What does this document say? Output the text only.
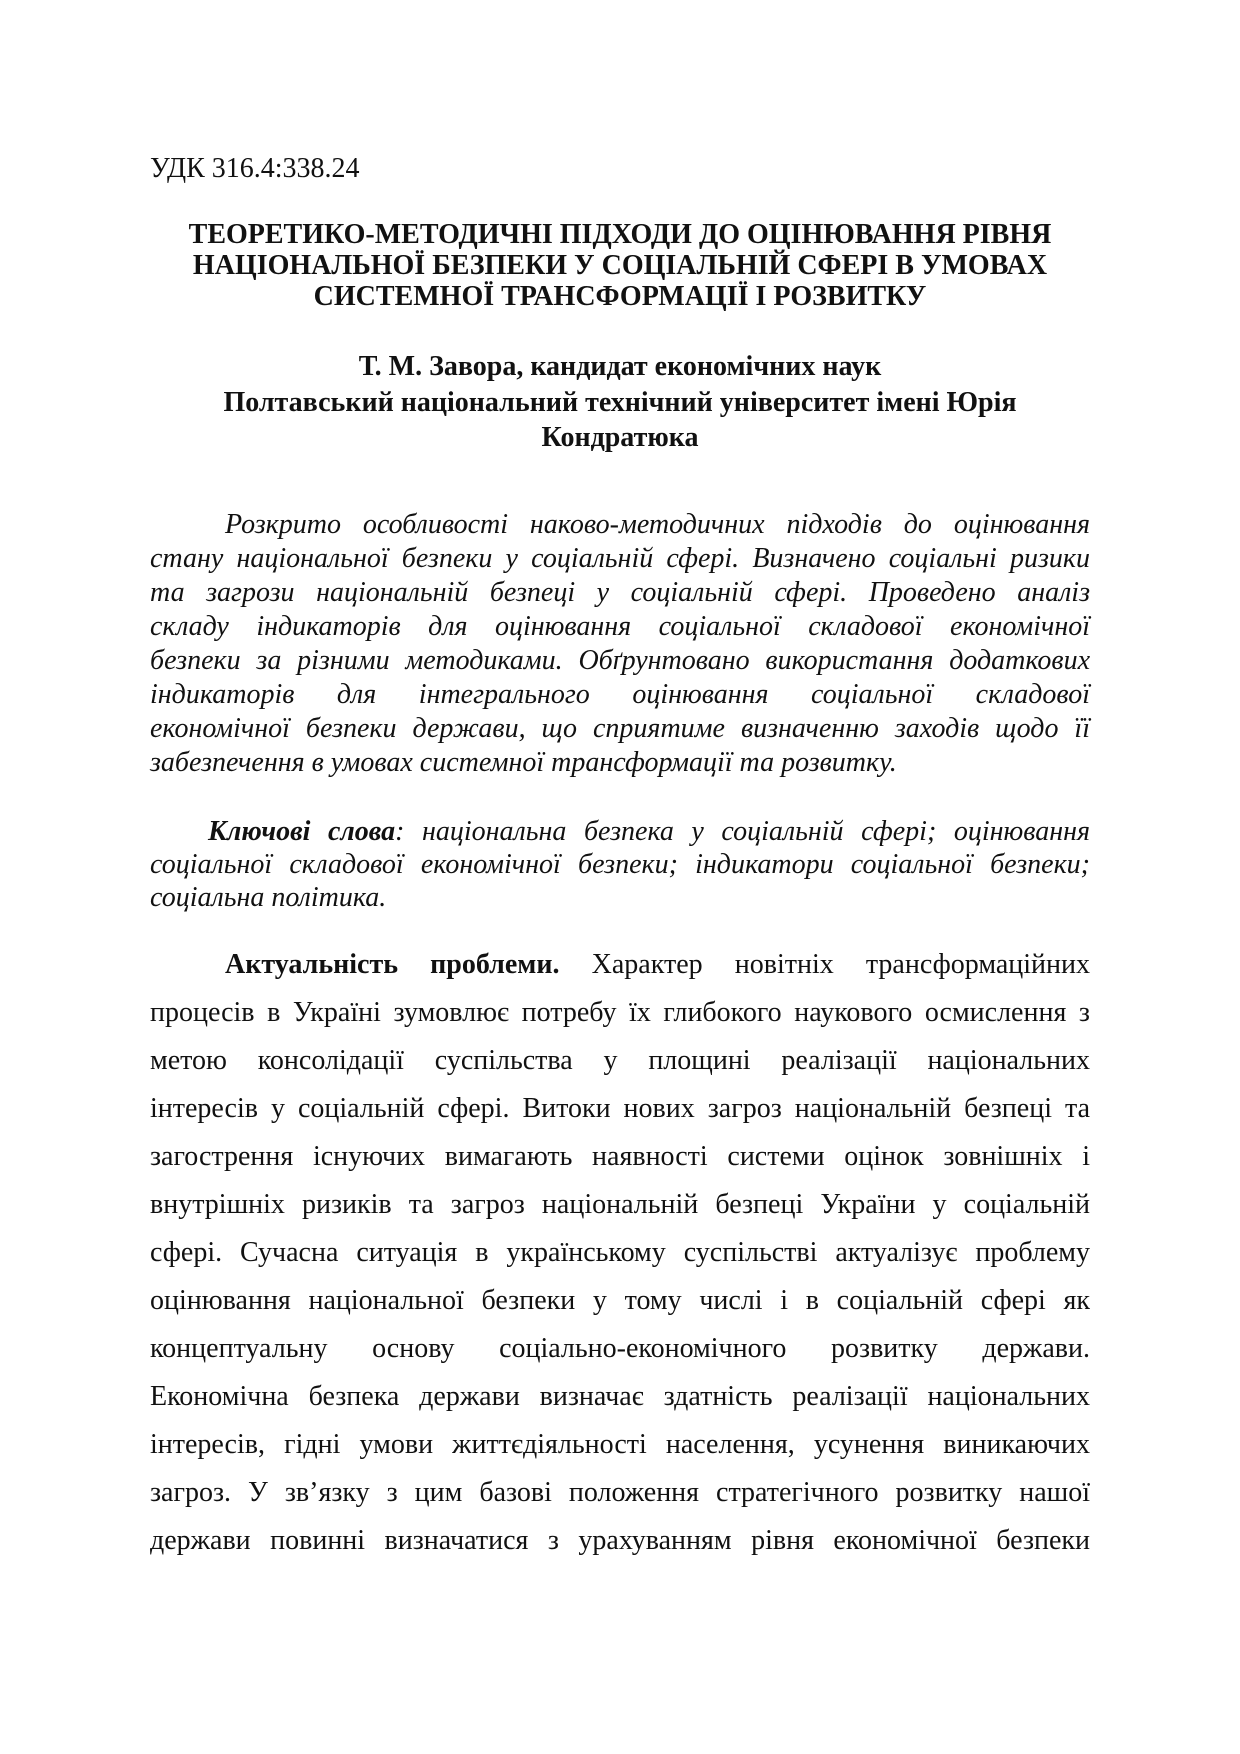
УДК 316.4:338.24
ТЕОРЕТИКО-МЕТОДИЧНІ ПІДХОДИ ДО ОЦІНЮВАННЯ РІВНЯ
НАЦІОНАЛЬНОЇ БЕЗПЕКИ У СОЦІАЛЬНІЙ СФЕРІ В УМОВАХ
СИСТЕМНОЇ ТРАНСФОРМАЦІЇ І РОЗВИТКУ
Т. М. Завора, кандидат економічних наук
Полтавський національний технічний університет імені Юрія
Кондратюка
Розкрито особливості наково-методичних підходів до оцінювання
стану національної безпеки у соціальній сфері. Визначено соціальні ризики
та загрози національній безпеці у соціальній сфері. Проведено аналіз
складу індикаторів для оцінювання соціальної складової економічної
безпеки за різними методиками. Обґрунтовано використання додаткових
індикаторів для інтегрального оцінювання соціальної складової
економічної безпеки держави, що сприятиме визначенню заходів щодо її
забезпечення в умовах системної трансформації та розвитку.
Ключові слова: національна безпека у соціальній сфері; оцінювання
соціальної складової економічної безпеки; індикатори соціальної безпеки;
соціальна політика.
Актуальність проблеми. Характер новітніх трансформаційних
процесів в Україні зумовлює потребу їх глибокого наукового осмислення з
метою консолідації суспільства у площині реалізації національних
інтересів у соціальній сфері. Витоки нових загроз національній безпеці та
загострення існуючих вимагають наявності системи оцінок зовнішніх і
внутрішніх ризиків та загроз національній безпеці України у соціальній
сфері. Сучасна ситуація в українському суспільстві актуалізує проблему
оцінювання національної безпеки у тому числі і в соціальній сфері як
концептуальну основу соціально-економічного розвитку держави.
Економічна безпека держави визначає здатність реалізації національних
інтересів, гідні умови життєдіяльності населення, усунення виникаючих
загроз. У зв’язку з цим базові положення стратегічного розвитку нашої
держави повинні визначатися з урахуванням рівня економічної безпеки
